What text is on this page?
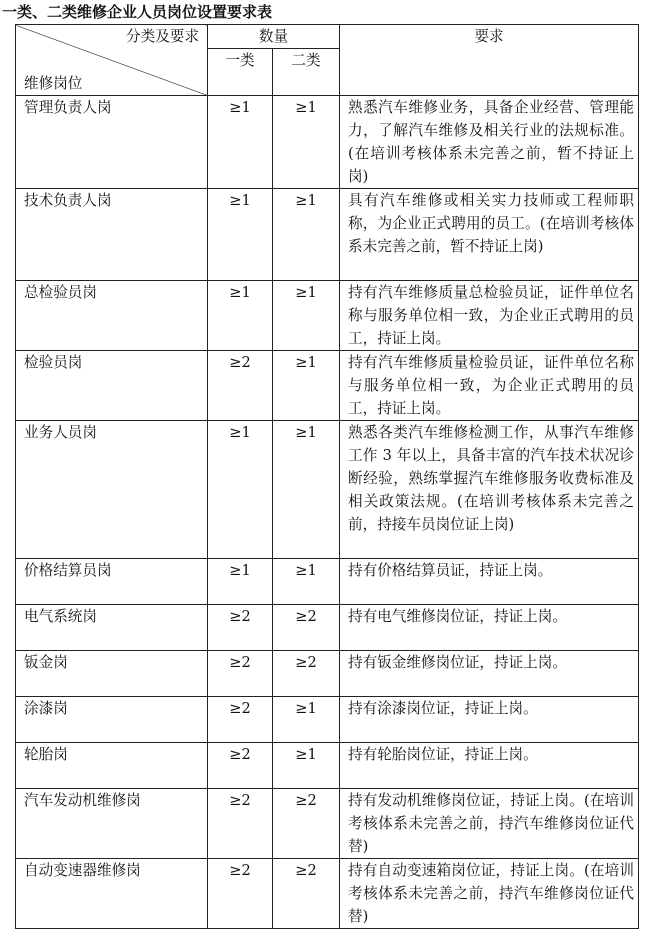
一类、二类维修企业人员岗位设置要求表
分类及要求
维修岗位	数量		要求
	一类	二类	
管理负责人岗	≥1	≥1	熟悉汽车维修业务，具备企业经营、管理能力，了解汽车维修及相关行业的法规标准。(在培训考核体系未完善之前，暂不持证上岗)
技术负责人岗	≥1	≥1	具有汽车维修或相关实力技师或工程师职称，为企业正式聘用的员工。(在培训考核体系未完善之前，暂不持证上岗)
总检验员岗	≥1	≥1	持有汽车维修质量总检验员证，证件单位名称与服务单位相一致，为企业正式聘用的员工，持证上岗。
检验员岗	≥2	≥1	持有汽车维修质量检验员证，证件单位名称与服务单位相一致，为企业正式聘用的员工，持证上岗。
业务人员岗	≥1	≥1	熟悉各类汽车维修检测工作，从事汽车维修工作 3 年以上，具备丰富的汽车技术状况诊断经验，熟练掌握汽车维修服务收费标准及相关政策法规。(在培训考核体系未完善之前，持接车员岗位证上岗)
价格结算员岗	≥1	≥1	持有价格结算员证，持证上岗。
电气系统岗	≥2	≥2	持有电气维修岗位证，持证上岗。
钣金岗	≥2	≥2	持有钣金维修岗位证，持证上岗。
涂漆岗	≥2	≥1	持有涂漆岗位证，持证上岗。
轮胎岗	≥2	≥1	持有轮胎岗位证，持证上岗。
汽车发动机维修岗	≥2	≥2	持有发动机维修岗位证，持证上岗。(在培训考核体系未完善之前，持汽车维修岗位证代替)
自动变速器维修岗	≥2	≥2	持有自动变速箱岗位证，持证上岗。(在培训考核体系未完善之前，持汽车维修岗位证代替)
